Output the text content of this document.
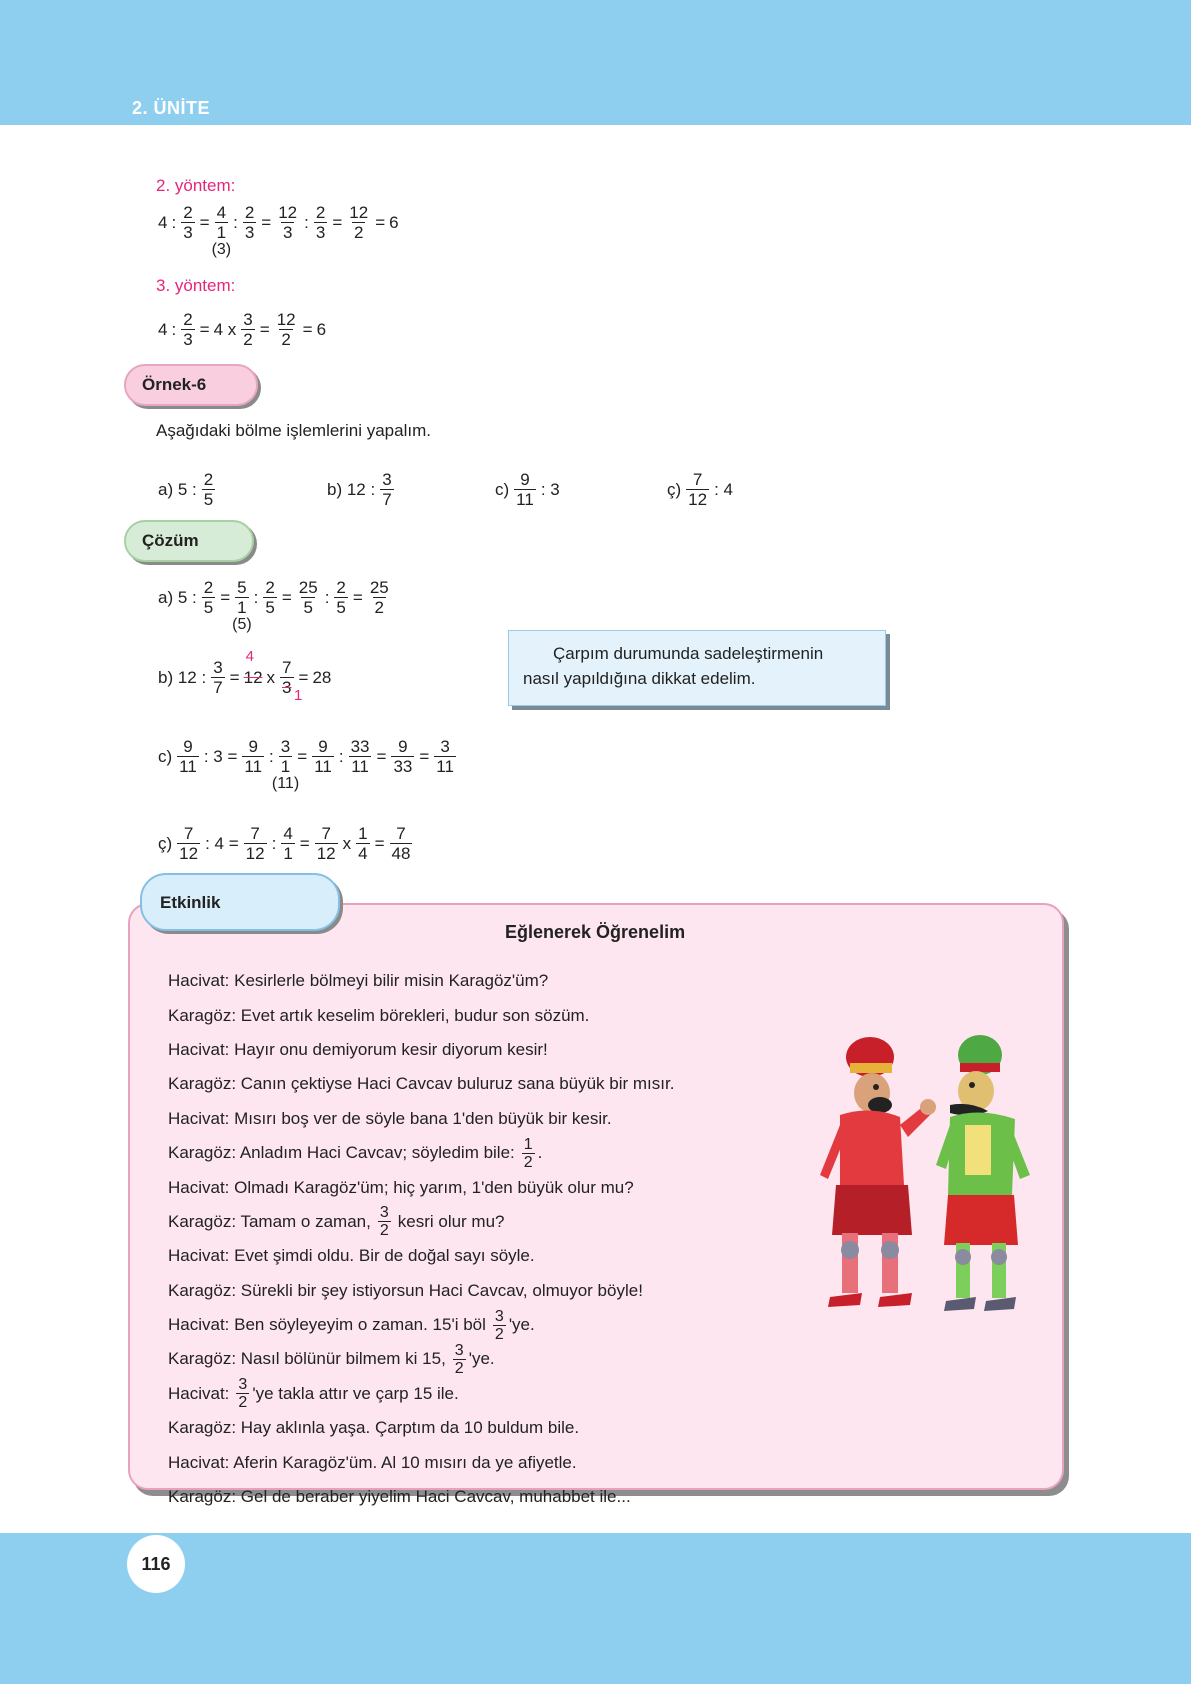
2. ÜNİTE
2. yöntem:
4 : $\frac{2}{3} = 4$
1
(3)
: $\frac{2}{3} = \frac{12}{3}$ : $\frac{2}{3} = \frac{12}{2} = 6$
3. yöntem:
4 : $\frac{2}{3} = 4$ x $\frac{3}{2} = \frac{12}{2} = 6$
Örnek-6
Aşağıdaki bölme işlemlerini yapalım.
a) 5 : $\frac{2}{5}$	b) 12 : $\frac{3}{7}$	$c) \frac{9}{11}$ : 3	ç) $\frac{7}{12}$ : 4
Çözüm
a) 5 : $\frac{2}{5} = 5$
1
(5)
: $\frac{2}{5} = \frac{25}{5}$ : $\frac{2}{5} = \frac{25}{2}$
b) 12 : $\frac{3}{7}$ =
4
12 x $\frac{7}{3 1} = 28$
Çarpım durumunda sadeleştirmenin
nasıl yapıldığına dikkat edelim.
$c) \frac{9}{11}$ : $3 = \frac{9}{11}$ : 3
1
(11)
= $\frac{9}{11}$ : $\frac{33}{11} = \frac{9}{33} = \frac{3}{11}$
ç) $\frac{7}{12}$ : $4 = \frac{7}{12}$ : $\frac{4}{1} = \frac{7}{12}$ x $\frac{1}{4} = \frac{7}{48}$
Etkinlik
Eğlenerek Öğrenelim
Hacivat: Kesirlerle bölmeyi bilir misin Karagöz'üm?
Karagöz: Evet artık keselim börekleri, budur son sözüm.
Hacivat: Hayır onu demiyorum kesir diyorum kesir!
Karagöz: Canın çektiyse Haci Cavcav buluruz sana büyük bir mısır.
Hacivat: Mısırı boş ver de söyle bana 1'den büyük bir kesir.
Karagöz: Anladım Haci Cavcav; söyledim bile: $\frac{1}{2}$ .
Hacivat: Olmadı Karagöz'üm; hiç yarım, 1'den büyük olur mu?
Karagöz: Tamam o zaman, $\frac{3}{2}$ kesri olur mu?
Hacivat: Evet şimdi oldu. Bir de doğal sayı söyle.
Karagöz: Sürekli bir şey istiyorsun Haci Cavcav, olmuyor böyle!
Hacivat: Ben söyleyeyim o zaman. 15'i böl $\frac{3}{2}$ 'ye.
Karagöz: Nasıl bölünür bilmem ki 15, $\frac{3}{2}$ 'ye.
Hacivat: $\frac{3}{2}$ 'ye takla attır ve çarp 15 ile.
Karagöz: Hay aklınla yaşa. Çarptım da 10 buldum bile.
Hacivat: Aferin Karagöz'üm. Al 10 mısırı da ye afiyetle.
Karagöz: Gel de beraber yiyelim Haci Cavcav, muhabbet ile...
116
